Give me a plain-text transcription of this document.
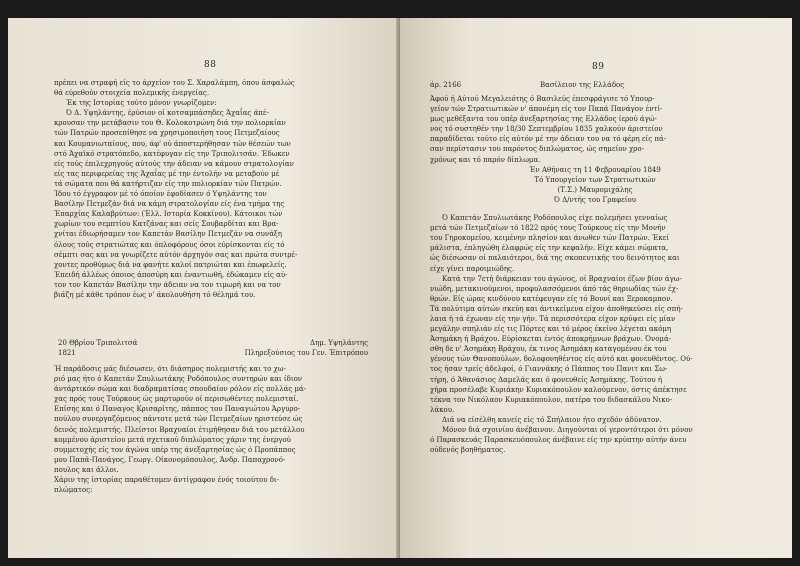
88
πρέπει να στραφή είς το άρχείον του Σ. Χαραλάμπη, όπου άσφαλώς
θά εύρεθούν στοιχεία πολεμικής ένεργείας.

Έκ της Ιστορίας τούτο μόνον γνωρίζομεν:

Ό Δ. Υψηλάντης, έρύσιον οί κοτσαμπάσηδες Άχαΐας άπέ-
κρουσαν την μετάβασιν του Θ. Κολοκοτρώνη διά την πολιορκίαν
τών Πατρών προσεπίθησε να χρησιμοποιήση τους Πετμεζαίους
και Κουμανιωταίους, που, άφ' ού άποστερήθησαν τών θέσεών των
στό Άχαϊκό στρατόπεδο, κατέφυγαν είς την Τριπολιτσάν. Έδωκεν
είς τούς έπιλεχρηγούς αύτούς την άδειαν να κάμουν στρατολογίαν
είς τας περιφερείας της Άχαΐας μέ την έντολήν να μεταβούν μέ
τά σώματα που θά κατήρτιζαν είς την πολιορκίαν τών Πατρών.
Ίδου τό έγγραφον μέ τό όποίον έφοδίασεν ό Υψηλάντης τον
Βασίλην Πετμεζάν διά να κάμη στρατολογίαν είς ένα τμήμα της
Έπαρχίας Καλαβρύτων: (Έλλ. Ιστορία Κοκκίνου). Κάτοικοι τών
χωρίων του σεμπτίου Κατζάνας και σείς Σουβαρδίται και Βρα-
χνίται έδιωρήσαμεν τον Καπετάν Βασίλην Πετμεζάν να συνάξη
όλους τούς στρατιώτας και όπλοφόρους όσοι εύρίσκονται είς τό
σέμπτι σας και να γνωρίζετε αύτόν άρχηγόν σας και πρώτα συντρέ-
χοντες προθύμως διά να φανήτε καλοί πατριώται και έπωφελείς.
Έπειδή άλλέως όποιος άποσύρη και έναντιωθή, έδώκαμεν είς αύ-
τον τον Καπετάν Βασίλην την άδειαν να τον τιμωρή και να τον
βιάζη μέ κάθε τρόπον έως ν' άκολουθήση τό θέλημά του.
20 Θβρίου Τριπολιτσά
1821
Δημ. Υψηλάντης
Πληρεξούσιος του Γεν. Έπιτρόπου
Ή παράδοσις μάς διέσωσεν, ότι διάσημος πολεμιστής και το χω-
ριό μας ήτο ό Καπετάν Σπυλιωτάκης Ροδόπουλος συντηρών και ίδιον
άντάρτικόν σώμα και διαδραματίσας σπουδαίον ρόλον είς πολλάς μά-
χας πρός τους Τούρκους ώς μαρτυρούν οί περισωθέντες πολεμισταί.
Επίσης και ό Παναγος Κρισαρίτης, πάππος του Παναγιώτου Άργυρο-
πούλου συνεργαζόμενος πάντοτε μετά τών Πετμεζαίων ηριστεύσε ώς
δεινός πολεμιστής. Πλείστοι Βραχναίοι έτιμήθησαν διά του μετάλλου
κομμένου άριστείου μετά σχετικού διπλώματος χάριν της ένεργού
συμμετοχής είς τον άγώνα υπέρ της άνεξαρτησίας ώς ό Προπάππος
μου Παπά-Πανάγος, Γεωργ. Οίκονομόπουλος, Άνδρ. Παπαχρονό-
πουλος και άλλοι.
Χάριν της ίστορίας παραθέτομεν άντίγραφον ένός τοιούτου δι-
πλώματος:
89
άρ. 2166	Βασίλειον της Ελλάδος
Άφού ή Αύτού Μεγαλειότης ό Βασιλεύς έπεσφράγισε τό Υπουρ-
γείον τών Στρατιωτικών ν' άπονέμη είς τον Παπά Πανάγον έντί-
μως μεθέξαντα του υπέρ άνεξαρτησίας της Ελλάδος ίερού άγώ-
νος τό συστηθέν την 18/30 Σεπτεμβρίου 1835 χαλκούν άριστείον
παραδίδεται τούτο είς αύτόν μέ την άδειαν του να τό φέρη είς πά-
σαν περίστασιν του παρόντος διπλώματος, ώς σημείον χρο-
χρόνως και τό παρόν δίπλωμα.

Έν Αθήναις τη 11 Φεβρουαρίου 1849

Τό Υπουργείον των Στρατιωτικών

(Τ.Σ.) Μαυρομιχάλης

Ό Δ/ντής του Γραφείου

Ό Καπετάν Σπυλιωτάκης Ροδόπουλος είχε πολεμήσει γενναίως
μετά τών Πετμεζαίων τό 1822 πρός τους Τούρκους είς την Μονήν
του Γηροκομείου, κειμένην πλησίον και άνωθεν τών Πατρών. Έκεί
μάλιστα, έπληγώθη έλαφρώς είς την κεφαλήν. Είχε κάμει σώματα,
ώς διέσωσαν οί παλαιότεροι, διά της σκοπευτικής του δεινότητος και
είχε γίνει παροιμιώδης.
Κατά την 7ετή διάρκειαν του άγώνος, οί Βραχναίοι έζων βίον άγω-
νιώδη, μετακινούμενοι, προφυλασσόμενοι άπό τάς θηριωδίας τών έχ-
θρών. Είς ώρας κινδύνου κατέφευγαν είς τό Βουνί και Ξεροκαμπον.
Τά πολύτιμα αύτών σκεύη και άντικείμενα είχον άποθηκεύσει είς σπή-
λαια ή τά έχωναν είς την γήν. Τά περισσότερα είχον κρύψει είς μίαν
μεγάλην σπηλιάν είς τις Πόρτες και τό μέρος έκείνο λέγεται ακόμη
Άσημάκη ή Βράχου. Εύρίσκεται έντός άποκρήμνων βράχων. Όνομά-
σθη δε ν' Άσημάκη Βράχου, έκ τινος Άσημάκη καταγομένου έκ του
γένους τών Θανοπούλων, δολοφονηθέντος είς αύτό και φονευθέντος. Ού-
τος ήσαν τρείς άδελφοί, ό Γιαννάκης ό Πάππος του Πανιτ και Σω-
τήρη, ό Άθανάσιος Δαμελάς και ό φονευθείς Άσημάκης. Τούτου ή
χήρα προσέλαβε Κυριάκην Κυριακόπουλον καλούμενον, όστις άπέκτησε
τέκνα τον Νικόλαον Κυριακόπουλον, πατέρα του διδασκάλου Νικο-
λάκου.

Διά να είσέλθη κανείς είς τό Σπήλαιον ήτο σχεδόν άδύνατον.

Μόνον διά σχοινίου άνέβαινον. Διηγούνται οί γεροντότεροι ότι μόνον
ό Παρασκευάς Παρασκευόπουλος άνέβαινε είς την κρύπτην αύτήν άνευ
ούδενός βοηθήματος.
